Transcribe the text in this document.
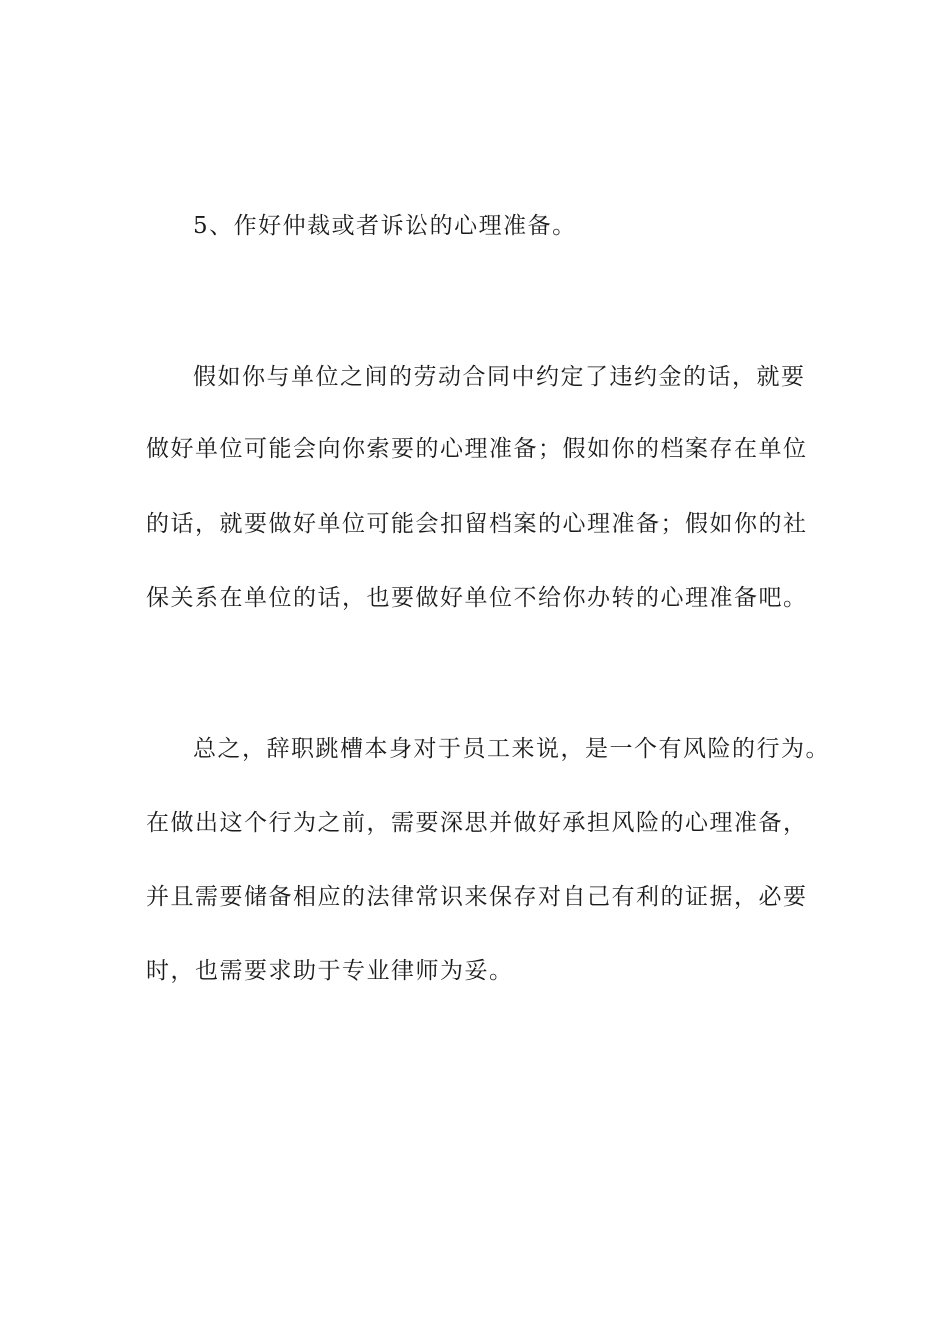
5、作好仲裁或者诉讼的心理准备。
假如你与单位之间的劳动合同中约定了违约金的话，就要
做好单位可能会向你索要的心理准备；假如你的档案存在单位
的话，就要做好单位可能会扣留档案的心理准备；假如你的社
保关系在单位的话，也要做好单位不给你办转的心理准备吧。
总之，辞职跳槽本身对于员工来说，是一个有风险的行为。
在做出这个行为之前，需要深思并做好承担风险的心理准备，
并且需要储备相应的法律常识来保存对自己有利的证据，必要
时，也需要求助于专业律师为妥。
